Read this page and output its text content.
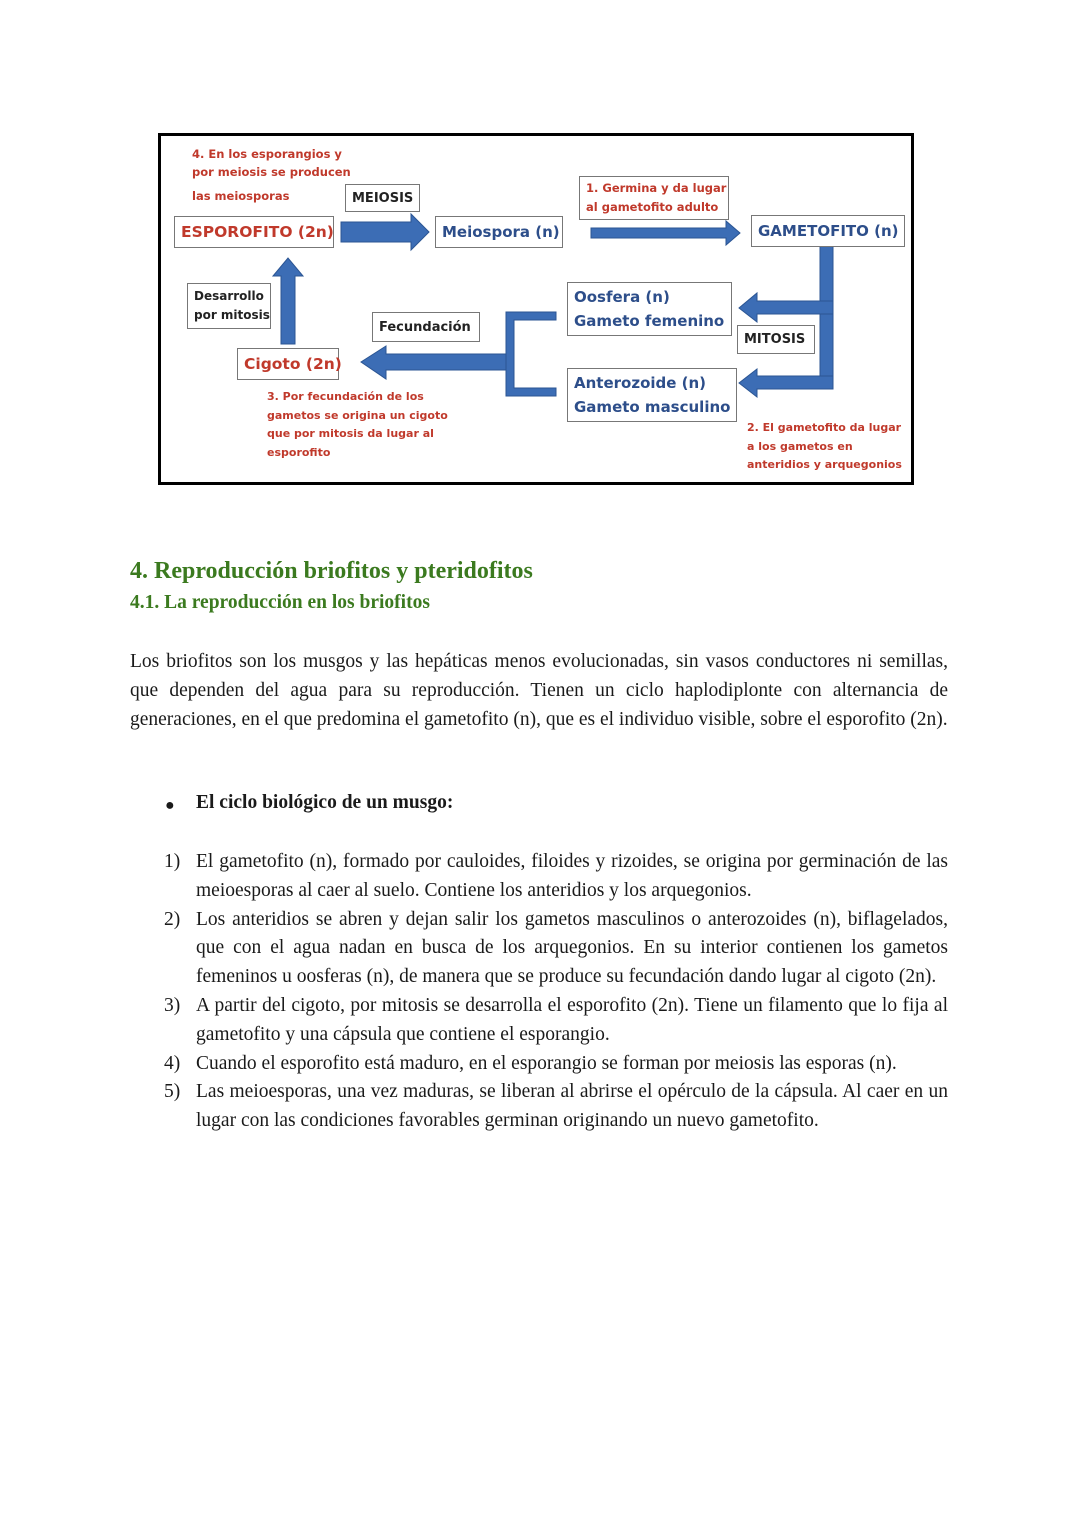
4. En los esporangios y
por meiosis se producen
las meiosporas	MEIOSIS
ESPOROFITO (2n)	Meiospora (n)
1. Germina y da lugar
al gametofito adulto
GAMETOFITO (n)
Desarrollo
por mitosis
Fecundación
Oosfera (n)
Gameto femenino
MITOSIS
Cigoto (2n)
Anterozoide (n)
Gameto masculino
3. Por fecundación de los
gametos se origina un cigoto
que por mitosis da lugar al
esporofito
2. El gametofito da lugar
a los gametos en
anteridios y arquegonios
4. Reproducción briofitos y pteridofitos
4.1. La reproducción en los briofitos
Los briofitos son los musgos y las hepáticas menos evolucionadas, sin vasos conductores ni semillas, que dependen del agua para su reproducción. Tienen un ciclo haplodiplonte con alternancia de generaciones, en el que predomina el gametofito (n), que es el individuo visible, sobre el esporofito (2n).
●	El ciclo biológico de un musgo:
1) El gametofito (n), formado por cauloides, filoides y rizoides, se origina por germinación de las meioesporas al caer al suelo. Contiene los anteridios y los arquegonios.
2) Los anteridios se abren y dejan salir los gametos masculinos o anterozoides (n), biflagelados, que con el agua nadan en busca de los arquegonios. En su interior contienen los gametos femeninos u oosferas (n), de manera que se produce su fecundación dando lugar al cigoto (2n).
3) A partir del cigoto, por mitosis se desarrolla el esporofito (2n). Tiene un filamento que lo fija al gametofito y una cápsula que contiene el esporangio.
4) Cuando el esporofito está maduro, en el esporangio se forman por meiosis las esporas (n).
5) Las meioesporas, una vez maduras, se liberan al abrirse el opérculo de la cápsula. Al caer en un lugar con las condiciones favorables germinan originando un nuevo gametofito.
